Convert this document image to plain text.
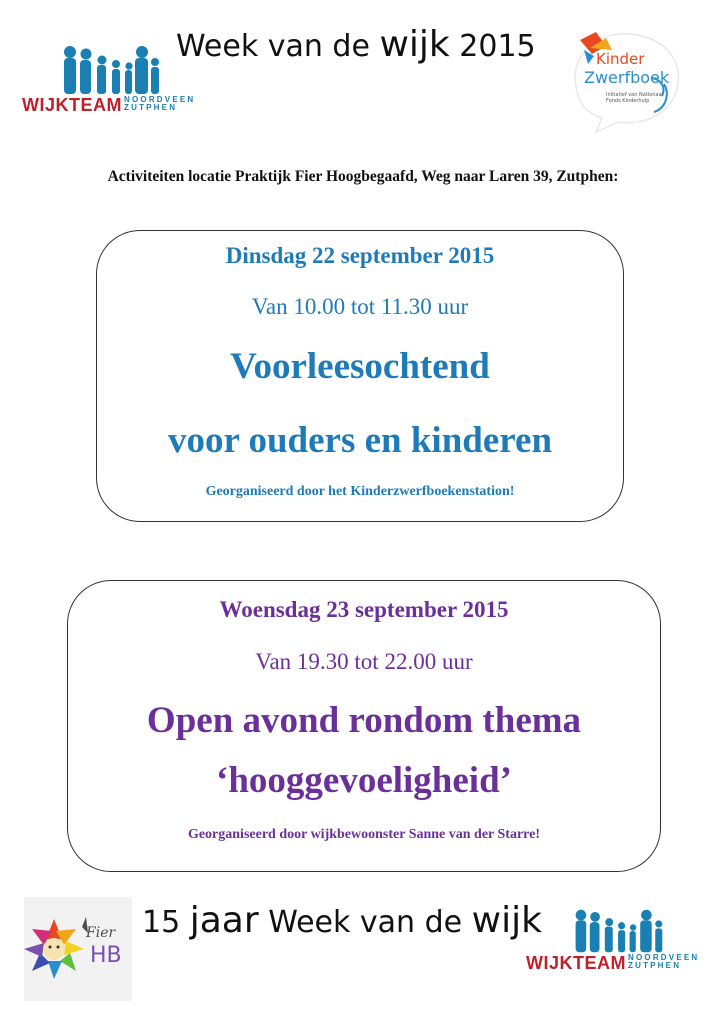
WIJKTEAM NOORDVEEN
ZUTPHEN
Week van de wijk 2015	Kinder
Zwerfboek
Initiatief van Nationaal Fonds Kinderhulp
Activiteiten locatie Praktijk Fier Hoogbegaafd, Weg naar Laren 39, Zutphen:
Dinsdag 22 september 2015
Van 10.00 tot 11.30 uur
Voorleesochtend
voor ouders en kinderen
Georganiseerd door het Kinderzwerfboekenstation!
Woensdag 23 september 2015
Van 19.30 tot 22.00 uur
Open avond rondom thema
‘hooggevoeligheid’
Georganiseerd door wijkbewoonster Sanne van der Starre!
Fier
HB
15 jaar Week van de wijk
WIJKTEAM NOORDVEEN
ZUTPHEN
